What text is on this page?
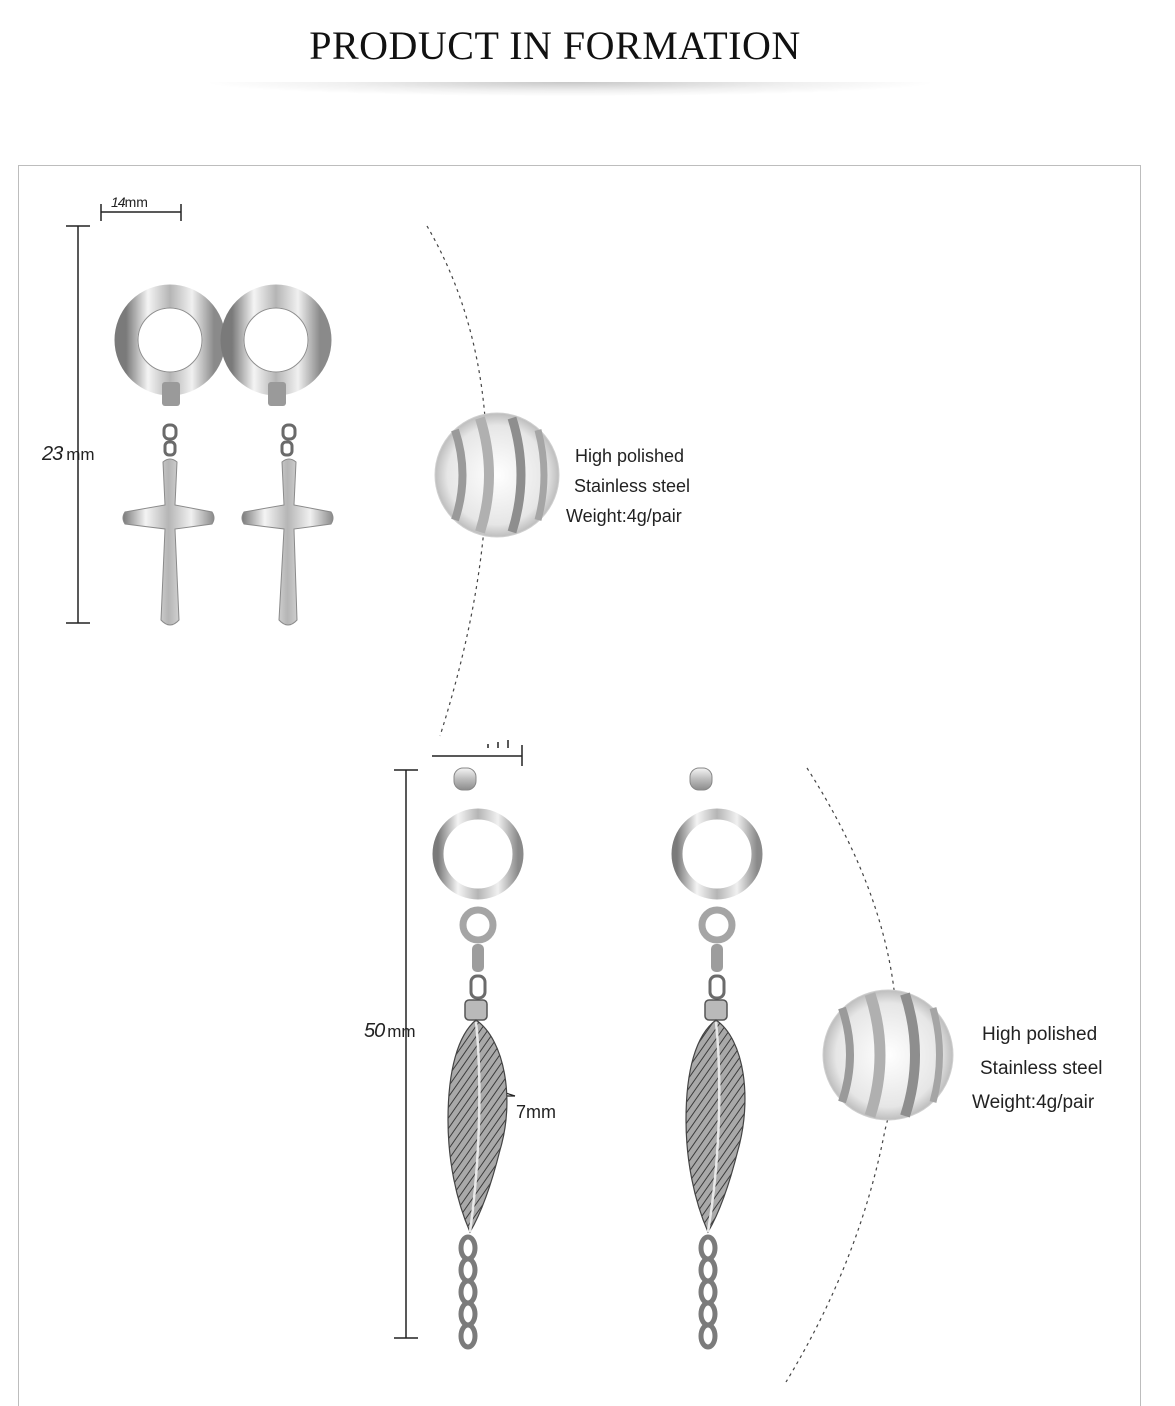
PRODUCT IN FORMATION
14mm
23 mm	High polished
Stainless steel
Weight:4g/pair
50 mm
7mm
High polished
Stainless steel
Weight:4g/pair
